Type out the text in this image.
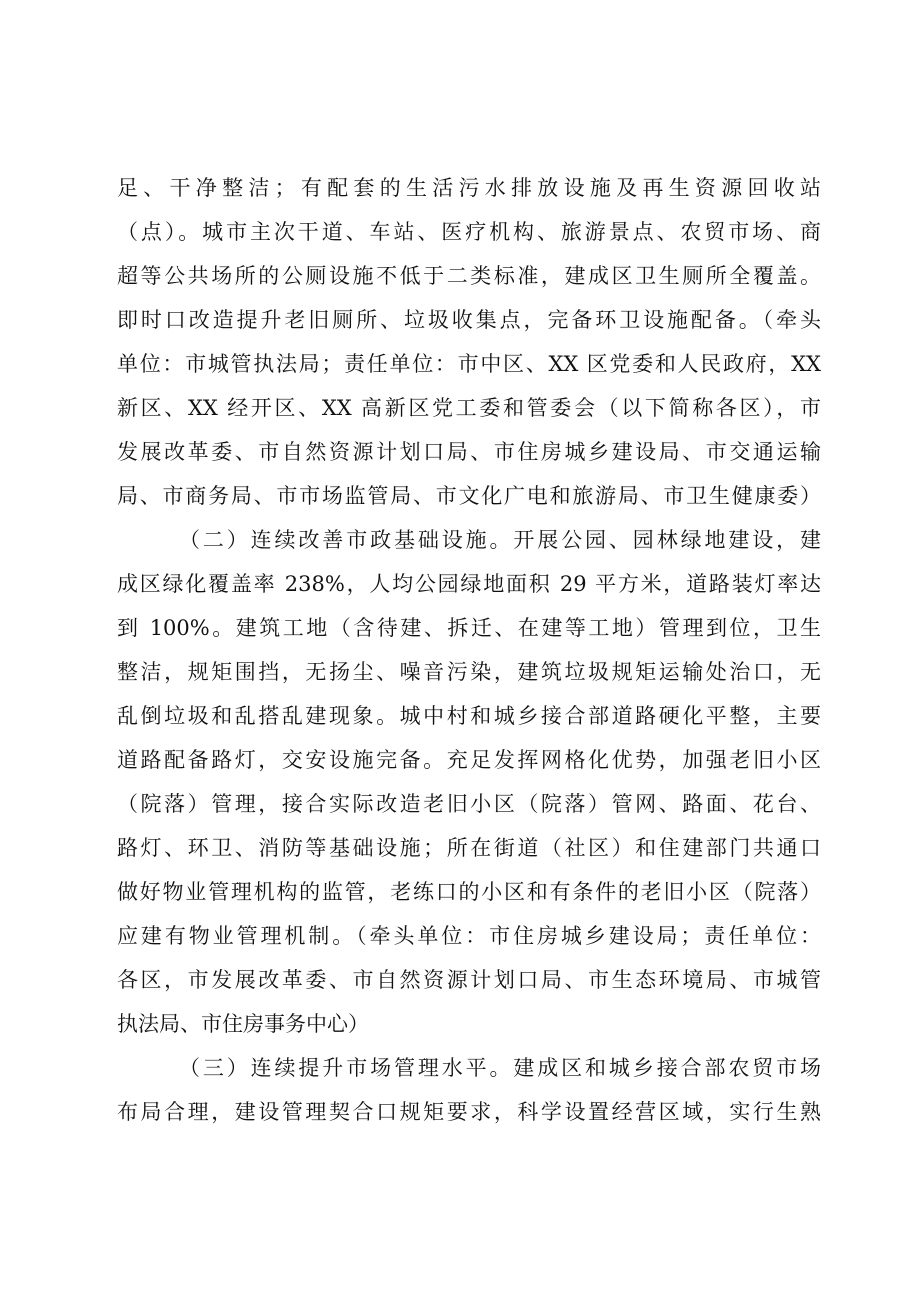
足、干净整洁；有配套的生活污水排放设施及再生资源回收站
（点）。城市主次干道、车站、医疗机构、旅游景点、农贸市场、商
超等公共场所的公厕设施不低于二类标准，建成区卫生厕所全覆盖。
即时口改造提升老旧厕所、垃圾收集点，完备环卫设施配备。（牵头
单位：市城管执法局；责任单位：市中区、XX 区党委和人民政府，XX
新区、XX 经开区、XX 高新区党工委和管委会（以下简称各区），市
发展改革委、市自然资源计划口局、市住房城乡建设局、市交通运输
局、市商务局、市市场监管局、市文化广电和旅游局、市卫生健康委）
（二）连续改善市政基础设施。开展公园、园林绿地建设，建
成区绿化覆盖率 238%，人均公园绿地面积 29 平方米，道路装灯率达
到 100%。建筑工地（含待建、拆迁、在建等工地）管理到位，卫生
整洁，规矩围挡，无扬尘、噪音污染，建筑垃圾规矩运输处治口，无
乱倒垃圾和乱搭乱建现象。城中村和城乡接合部道路硬化平整，主要
道路配备路灯，交安设施完备。充足发挥网格化优势，加强老旧小区
（院落）管理，接合实际改造老旧小区（院落）管网、路面、花台、
路灯、环卫、消防等基础设施；所在街道（社区）和住建部门共通口
做好物业管理机构的监管，老练口的小区和有条件的老旧小区（院落）
应建有物业管理机制。（牵头单位：市住房城乡建设局；责任单位：
各区，市发展改革委、市自然资源计划口局、市生态环境局、市城管
执法局、市住房事务中心）
（三）连续提升市场管理水平。建成区和城乡接合部农贸市场
布局合理，建设管理契合口规矩要求，科学设置经营区域，实行生熟
